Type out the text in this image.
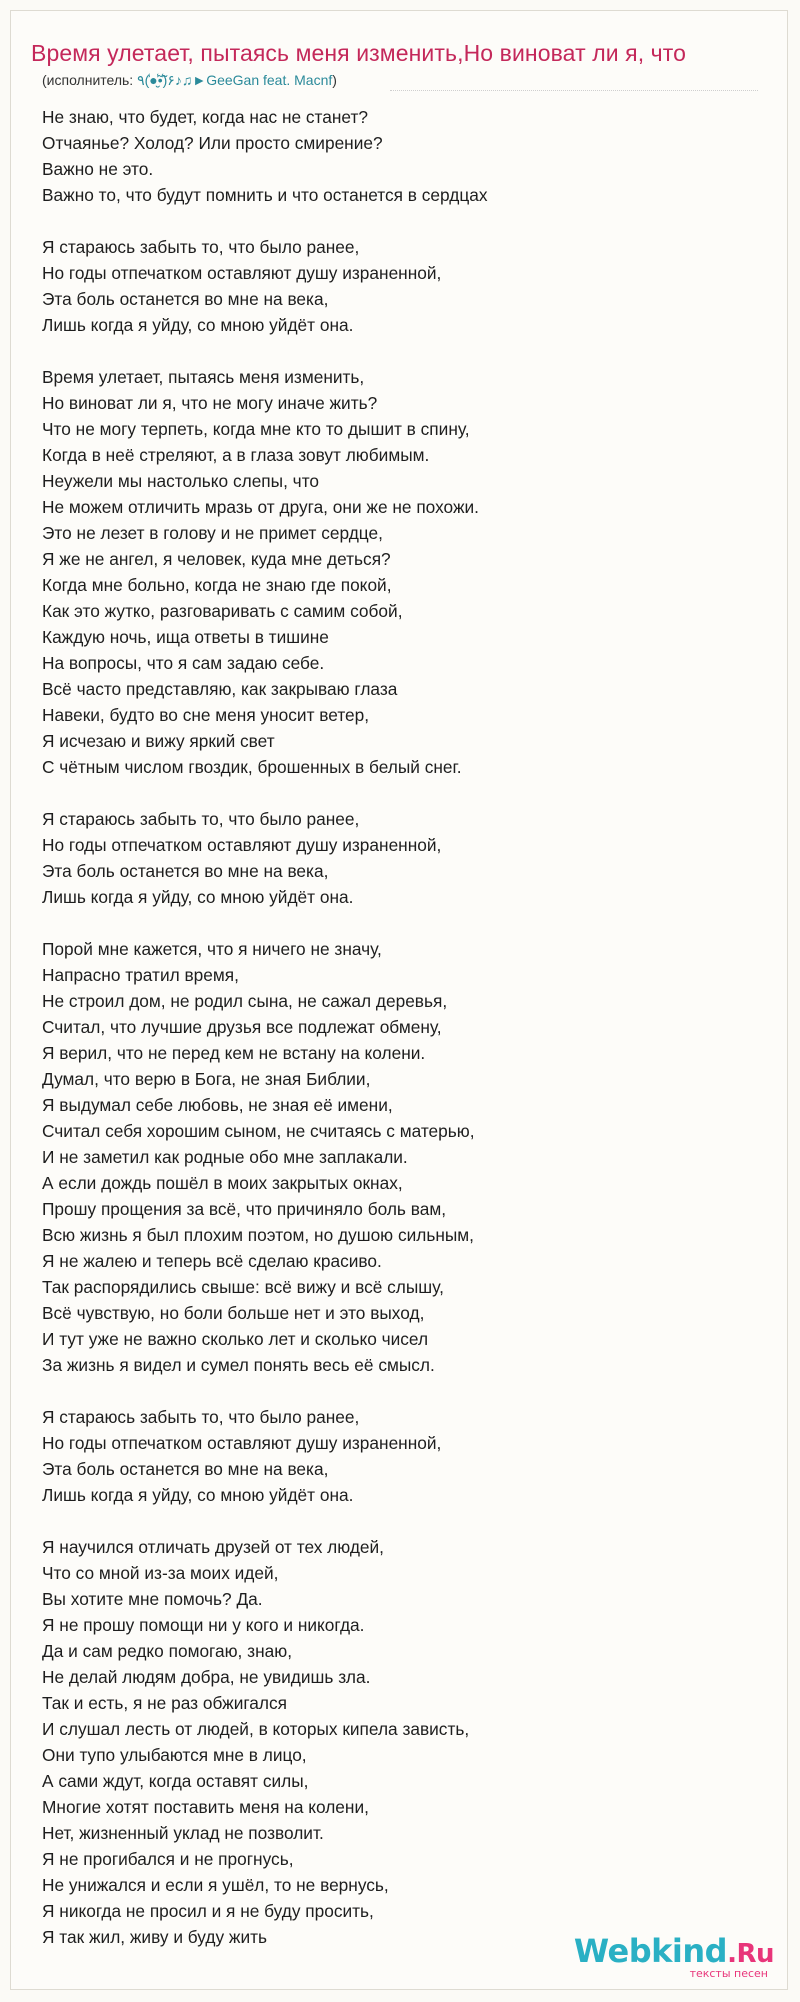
Время улетает, пытаясь меня изменить,Но виноват ли я, что
(исполнитель: ٩(̾●̮̮̃̾•̃̾)۶♪♫►GeeGan feat. Macnf)
Не знаю, что будет, когда нас не станет?
Отчаянье? Холод? Или просто смирение?
Важно не это.
Важно то, что будут помнить и что останется в сердцах
Я стараюсь забыть то, что было ранее,
Но годы отпечатком оставляют душу израненной,
Эта боль останется во мне на века,
Лишь когда я уйду, со мною уйдёт она.
Время улетает, пытаясь меня изменить,
Но виноват ли я, что не могу иначе жить?
Что не могу терпеть, когда мне кто то дышит в спину,
Когда в неё стреляют, а в глаза зовут любимым.
Неужели мы настолько слепы, что
Не можем отличить мразь от друга, они же не похожи.
Это не лезет в голову и не примет сердце,
Я же не ангел, я человек, куда мне деться?
Когда мне больно, когда не знаю где покой,
Как это жутко, разговаривать с самим собой,
Каждую ночь, ища ответы в тишине
На вопросы, что я сам задаю себе.
Всё часто представляю, как закрываю глаза
Навеки, будто во сне меня уносит ветер,
Я исчезаю и вижу яркий свет
С чётным числом гвоздик, брошенных в белый снег.
Я стараюсь забыть то, что было ранее,
Но годы отпечатком оставляют душу израненной,
Эта боль останется во мне на века,
Лишь когда я уйду, со мною уйдёт она.
Порой мне кажется, что я ничего не значу,
Напрасно тратил время,
Не строил дом, не родил сына, не сажал деревья,
Считал, что лучшие друзья все подлежат обмену,
Я верил, что не перед кем не встану на колени.
Думал, что верю в Бога, не зная Библии,
Я выдумал себе любовь, не зная её имени,
Считал себя хорошим сыном, не считаясь с матерью,
И не заметил как родные обо мне заплакали.
А если дождь пошёл в моих закрытых окнах,
Прошу прощения за всё, что причиняло боль вам,
Всю жизнь я был плохим поэтом, но душою сильным,
Я не жалею и теперь всё сделаю красиво.
Так распорядились свыше: всё вижу и всё слышу,
Всё чувствую, но боли больше нет и это выход,
И тут уже не важно сколько лет и сколько чисел
За жизнь я видел и сумел понять весь её смысл.
Я стараюсь забыть то, что было ранее,
Но годы отпечатком оставляют душу израненной,
Эта боль останется во мне на века,
Лишь когда я уйду, со мною уйдёт она.
Я научился отличать друзей от тех людей,
Что со мной из-за моих идей,
Вы хотите мне помочь? Да.
Я не прошу помощи ни у кого и никогда.
Да и сам редко помогаю, знаю,
Не делай людям добра, не увидишь зла.
Так и есть, я не раз обжигался
И слушал лесть от людей, в которых кипела зависть,
Они тупо улыбаются мне в лицо,
А сами ждут, когда оставят силы,
Многие хотят поставить меня на колени,
Нет, жизненный уклад не позволит.
Я не прогибался и не прогнусь,
Не унижался и если я ушёл, то не вернусь,
Я никогда не просил и я не буду просить,
Я так жил, живу и буду жить	Webkind.Ru
тексты песен
